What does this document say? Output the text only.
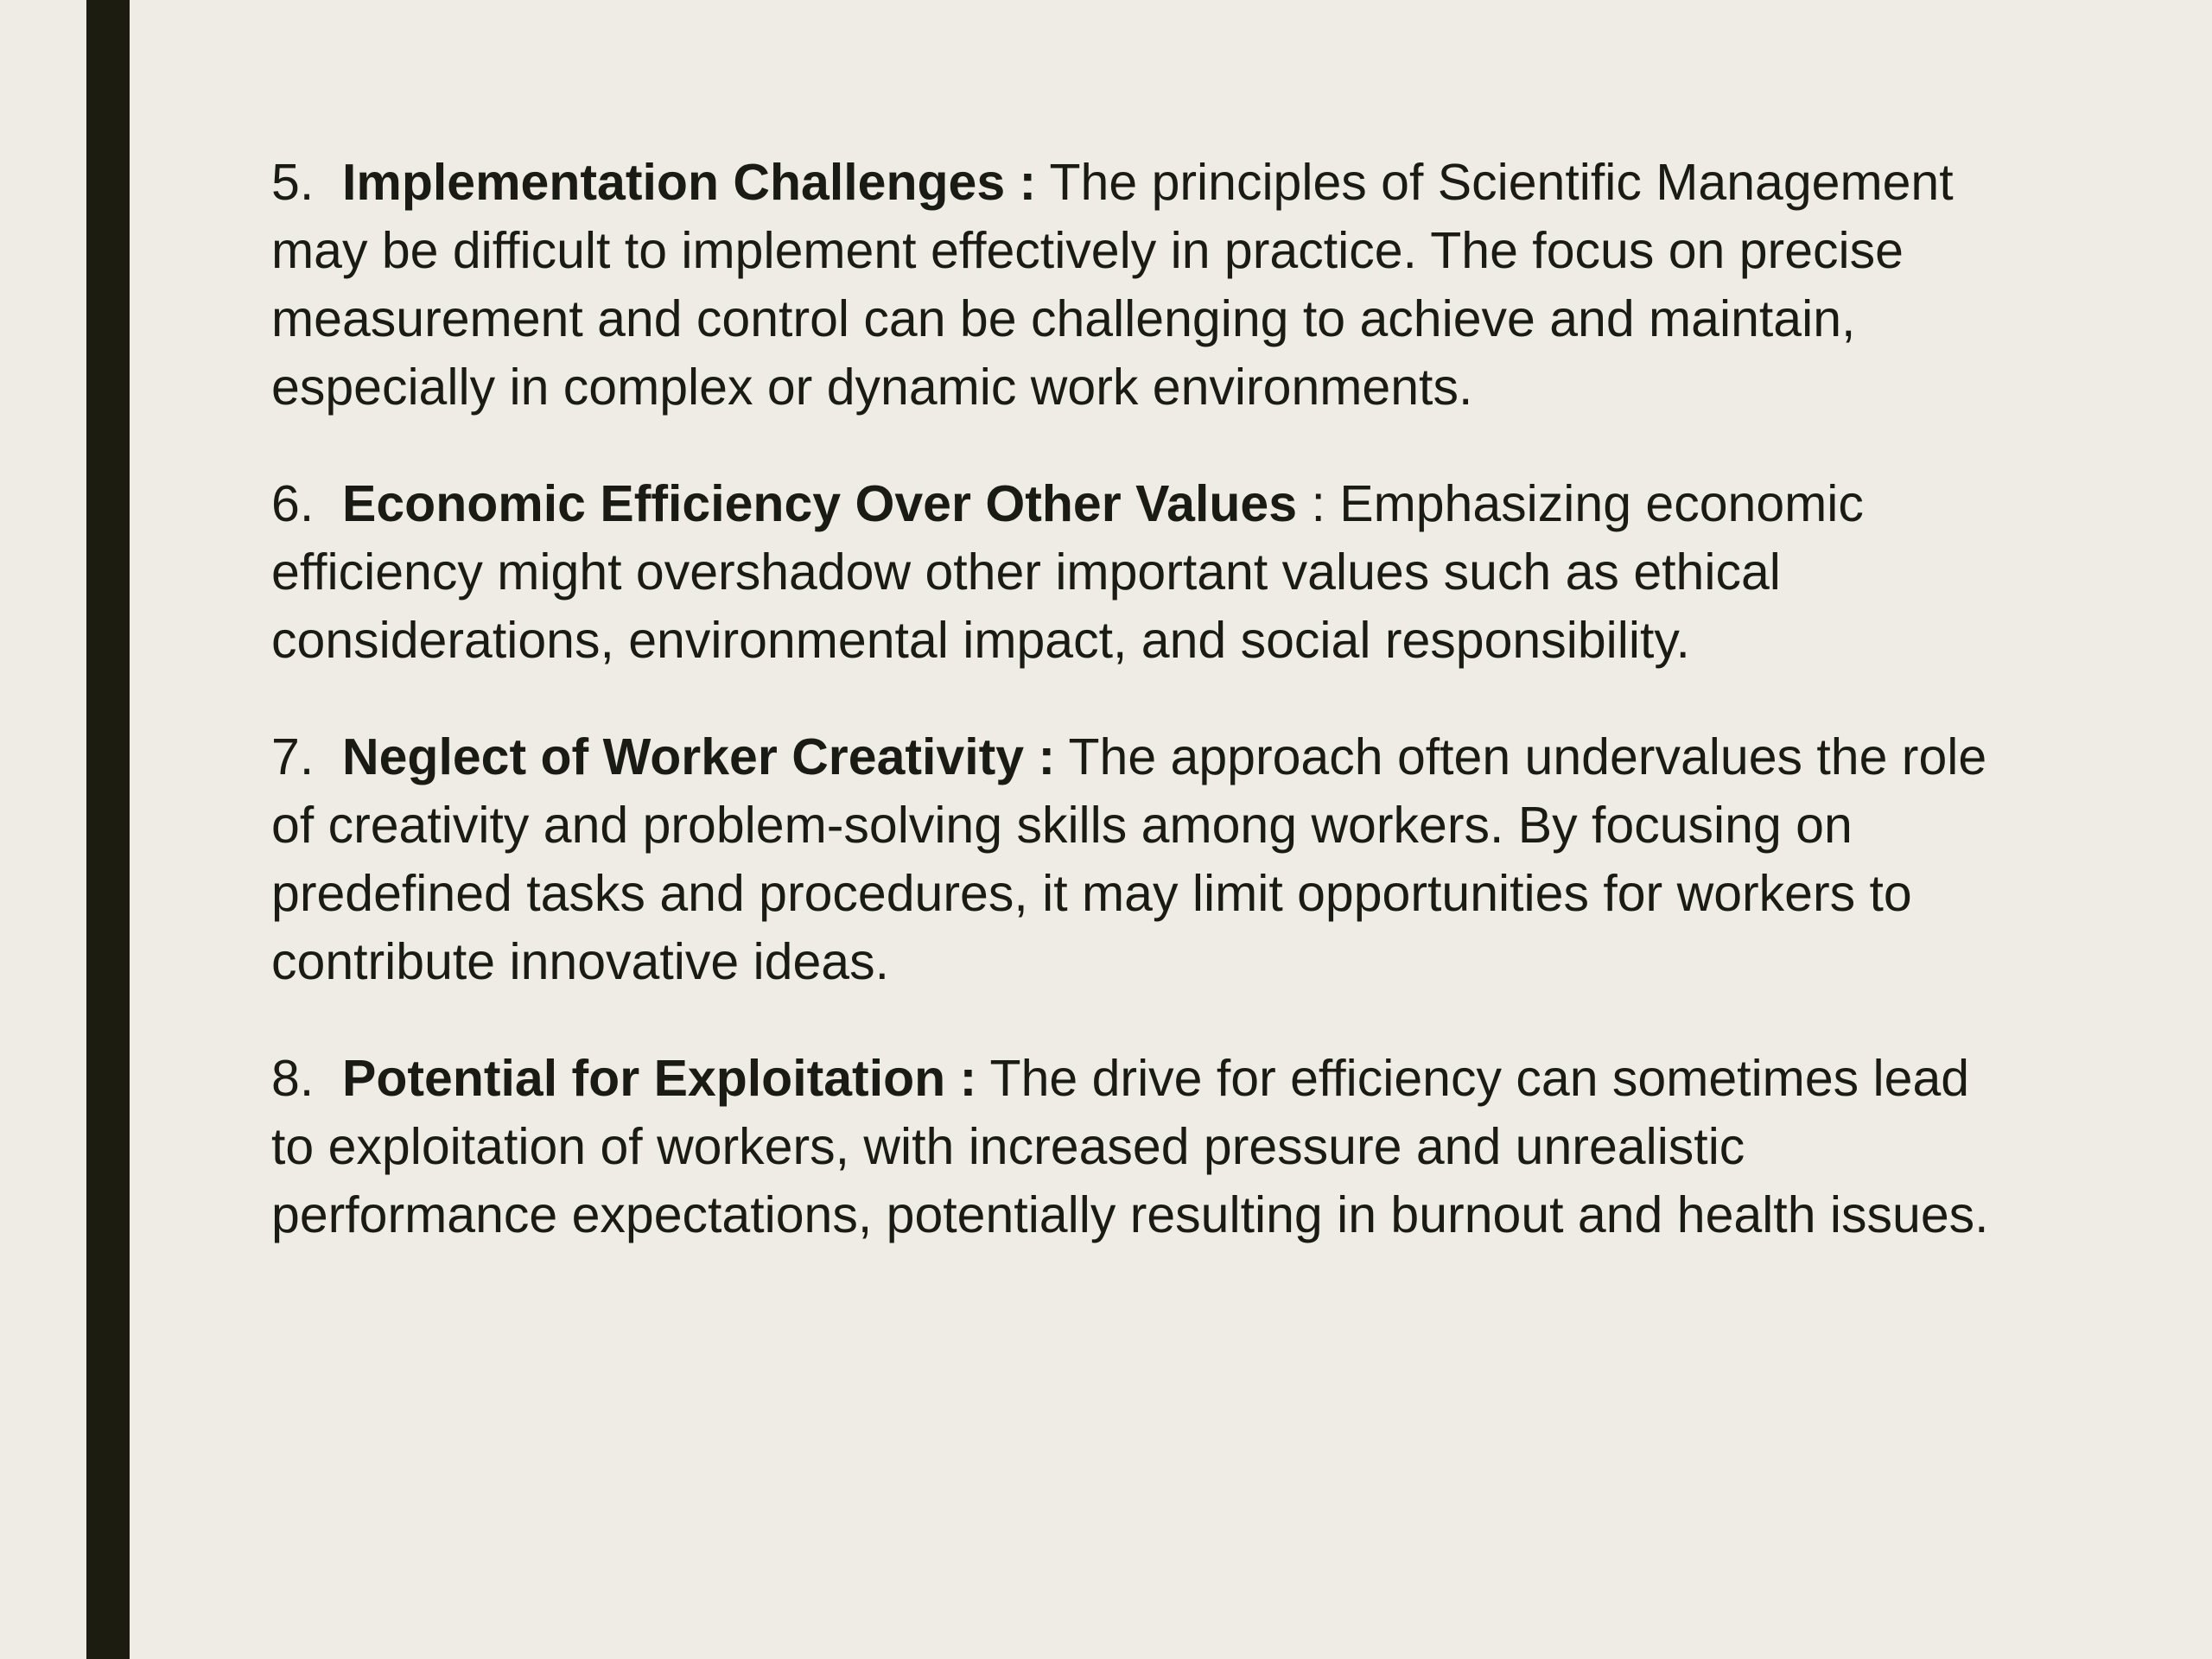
5. Implementation Challenges : The principles of Scientific Management may be difficult to implement effectively in practice. The focus on precise measurement and control can be challenging to achieve and maintain, especially in complex or dynamic work environments.

6. Economic Efficiency Over Other Values : Emphasizing economic efficiency might overshadow other important values such as ethical considerations, environmental impact, and social responsibility.

7. Neglect of Worker Creativity : The approach often undervalues the role of creativity and problem-solving skills among workers. By focusing on predefined tasks and procedures, it may limit opportunities for workers to contribute innovative ideas.

8. Potential for Exploitation : The drive for efficiency can sometimes lead to exploitation of workers, with increased pressure and unrealistic performance expectations, potentially resulting in burnout and health issues.
